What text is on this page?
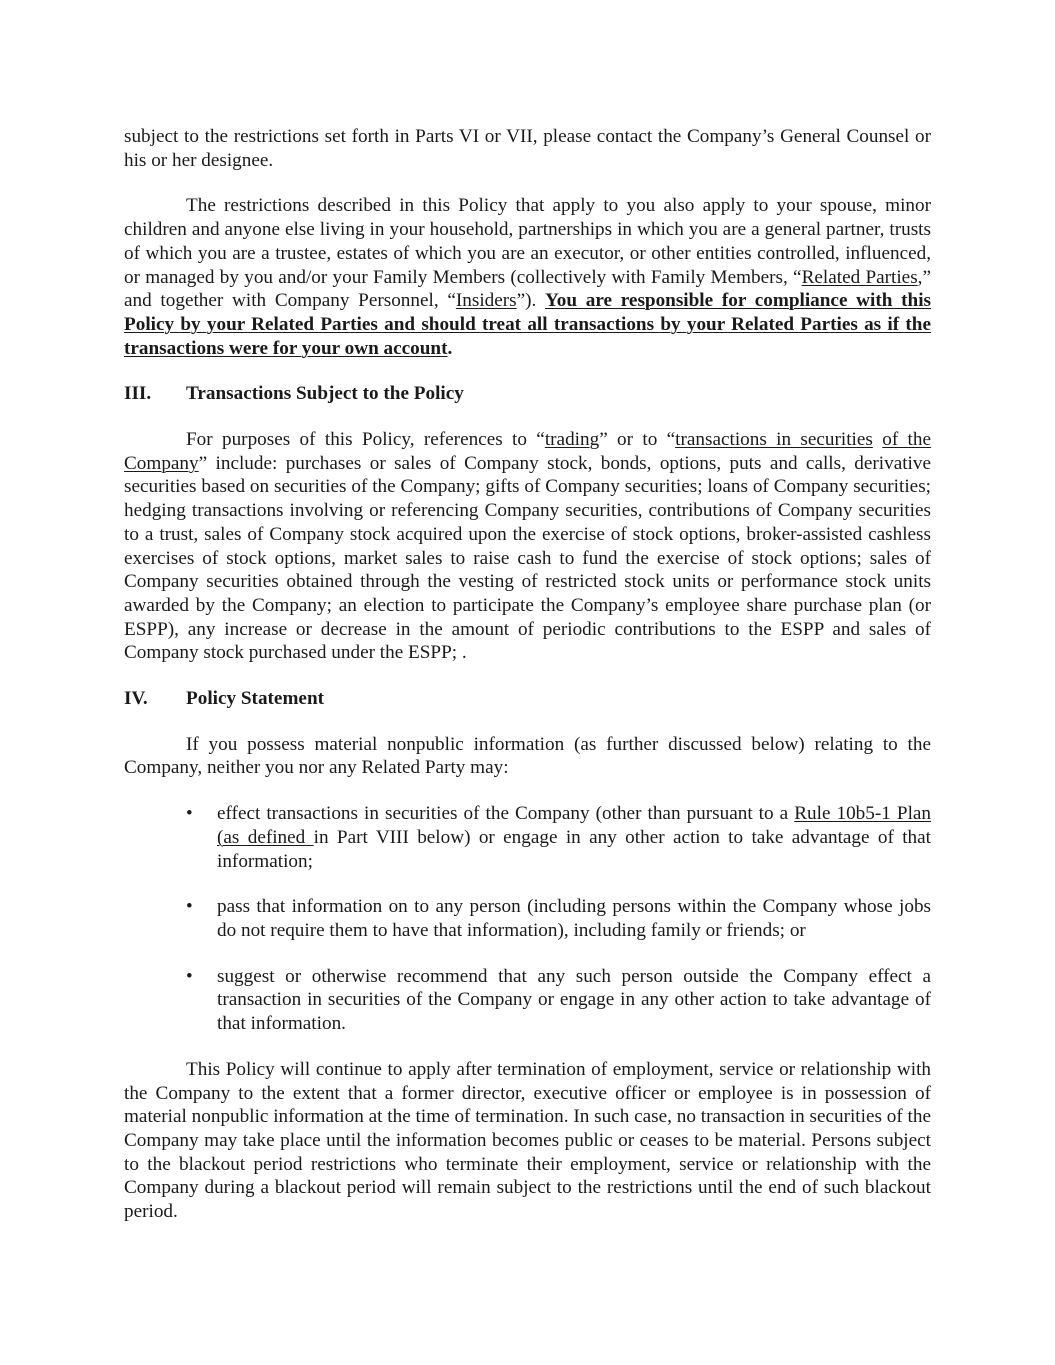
subject to the restrictions set forth in Parts VI or VII, please contact the Company’s General Counsel or his or her designee.

The restrictions described in this Policy that apply to you also apply to your spouse, minor children and anyone else living in your household, partnerships in which you are a general partner, trusts of which you are a trustee, estates of which you are an executor, or other entities controlled, influenced, or managed by you and/or your Family Members (collectively with Family Members, “Related Parties,” and together with Company Personnel, “Insiders”). You are responsible for compliance with this Policy by your Related Parties and should treat all transactions by your Related Parties as if the transactions were for your own account.

III.	Transactions Subject to the Policy

For purposes of this Policy, references to “trading” or to “transactions in securities of the Company” include: purchases or sales of Company stock, bonds, options, puts and calls, derivative securities based on securities of the Company; gifts of Company securities; loans of Company securities; hedging transactions involving or referencing Company securities, contributions of Company securities to a trust, sales of Company stock acquired upon the exercise of stock options, broker-assisted cashless exercises of stock options, market sales to raise cash to fund the exercise of stock options; sales of Company securities obtained through the vesting of restricted stock units or performance stock units awarded by the Company; an election to participate the Company’s employee share purchase plan (or ESPP), any increase or decrease in the amount of periodic contributions to the ESPP and sales of Company stock purchased under the ESPP; .

IV.	Policy Statement

If you possess material nonpublic information (as further discussed below) relating to the Company, neither you nor any Related Party may:

•	effect transactions in securities of the Company (other than pursuant to a Rule 10b5-1 Plan (as defined in Part VIII below) or engage in any other action to take advantage of that information;
•	pass that information on to any person (including persons within the Company whose jobs do not require them to have that information), including family or friends; or
•	suggest or otherwise recommend that any such person outside the Company effect a transaction in securities of the Company or engage in any other action to take advantage of that information.

This Policy will continue to apply after termination of employment, service or relationship with the Company to the extent that a former director, executive officer or employee is in possession of material nonpublic information at the time of termination. In such case, no transaction in securities of the Company may take place until the information becomes public or ceases to be material. Persons subject to the blackout period restrictions who terminate their employment, service or relationship with the Company during a blackout period will remain subject to the restrictions until the end of such blackout period.
